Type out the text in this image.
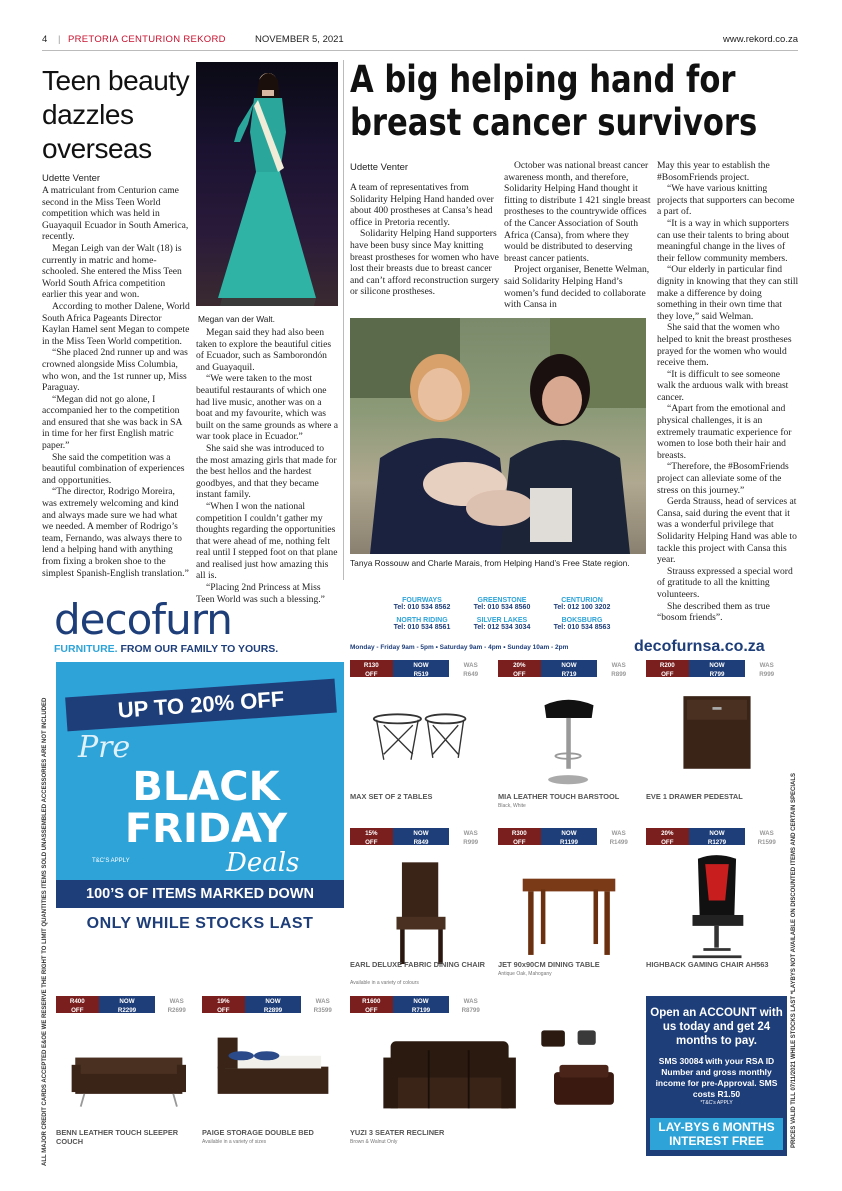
4 | PRETORIA CENTURION REKORD	NOVEMBER 5, 2021	www.rekord.co.za
Teen beauty dazzles overseas
Udette Venter

A matriculant from Centurion came second in the Miss Teen World competition which was held in Guayaquil Ecuador in South America, recently.

Megan Leigh van der Walt (18) is currently in matric and home-schooled. She entered the Miss Teen World South Africa competition earlier this year and won.

According to mother Dalene, World South Africa Pageants Director Kaylan Hamel sent Megan to compete in the Miss Teen World competition.

“She placed 2nd runner up and was crowned alongside Miss Columbia, who won, and the 1st runner up, Miss Paraguay.

“Megan did not go alone, I accompanied her to the competition and ensured that she was back in SA in time for her first English matric paper.”

She said the competition was a beautiful combination of experiences and opportunities.

“The director, Rodrigo Moreira, was extremely welcoming and kind and always made sure we had what we needed. A member of Rodrigo’s team, Fernando, was always there to lend a helping hand with anything from fixing a broken shoe to the simplest Spanish-English translation.”

Megan van der Walt.

Megan said they had also been taken to explore the beautiful cities of Ecuador, such as Samborondón and Guayaquil.

“We were taken to the most beautiful restaurants of which one had live music, another was on a boat and my favourite, which was built on the same grounds as where a war took place in Ecuador.”

She said she was introduced to the most amazing girls that made for the best hellos and the hardest goodbyes, and that they became instant family.

“When I won the national competition I couldn’t gather my thoughts regarding the opportunities that were ahead of me, nothing felt real until I stepped foot on that plane and realised just how amazing this all is.

“Placing 2nd Princess at Miss Teen World was such a blessing.”

A big helping hand for
breast cancer survivors
Udette Venter

A team of representatives from Solidarity Helping Hand handed over about 400 prostheses at Cansa’s head office in Pretoria recently.

Solidarity Helping Hand supporters have been busy since May knitting breast prostheses for women who have lost their breasts due to breast cancer and can’t afford reconstruction surgery or silicone prostheses.

October was national breast cancer awareness month, and therefore, Solidarity Helping Hand thought it fitting to distribute 1 421 single breast prostheses to the countrywide offices of the Cancer Association of South Africa (Cansa), from where they would be distributed to deserving breast cancer patients.

Project organiser, Benette Welman, said Solidarity Helping Hand’s women’s fund decided to collaborate with Cansa in

May this year to establish the #BosomFriends project.

“We have various knitting projects that supporters can become a part of.

“It is a way in which supporters can use their talents to bring about meaningful change in the lives of their fellow community members.

“Our elderly in particular find dignity in knowing that they can still make a difference by doing something in their own time that they love,” said Welman.

She said that the women who helped to knit the breast prostheses prayed for the women who would receive them.

“It is difficult to see someone walk the arduous walk with breast cancer.

“Apart from the emotional and physical challenges, it is an extremely traumatic experience for women to lose both their hair and breasts.

“Therefore, the #BosomFriends project can alleviate some of the stress on this journey.”

Gerda Strauss, head of services at Cansa, said during the event that it was a wonderful privilege that Solidarity Helping Hand was able to tackle this project with Cansa this year.

Strauss expressed a special word of gratitude to all the knitting volunteers.

She described them as true “bosom friends”.

Tanya Rossouw and Charle Marais, from Helping Hand’s Free State region.
decofurn
FURNITURE. FROM OUR FAMILY TO YOURS.
FOURWAYS
Tel: 010 534 8562
GREENSTONE
Tel: 010 534 8560
CENTURION
Tel: 012 100 3202
NORTH RIDING
Tel: 010 534 8561
SILVER LAKES
Tel: 012 534 3034
BOKSBURG
Tel: 010 534 8563
Monday - Friday 9am - 5pm • Saturday 9am - 4pm • Sunday 10am - 2pm	decofurnsa.co.za
UP TO 20% OFF
Pre
BLACK
FRIDAY
Deals
T&C’S APPLY
100’S OF ITEMS MARKED DOWN
ONLY WHILE STOCKS LAST
R130
OFF
NOW
R519
WAS
R649
MAX SET OF 2 TABLES
20%
OFF
NOW
R719
WAS
R899
MIA LEATHER TOUCH BARSTOOL
Black, White
R200
OFF
NOW
R799
WAS
R999
EVE 1 DRAWER PEDESTAL
15%
OFF
NOW
R849
WAS
R999
EARL DELUXE FABRIC DINING CHAIR
Available in a variety of colours
R300
OFF
NOW
R1199
WAS
R1499
JET 90x90CM DINING TABLE
Antique Oak, Mahogany
20%
OFF
NOW
R1279
WAS
R1599
HIGHBACK GAMING CHAIR AH563
R400
OFF
NOW
R2299
WAS
R2699
BENN LEATHER TOUCH SLEEPER COUCH
19%
OFF
NOW
R2899
WAS
R3599
PAIGE STORAGE DOUBLE BED
Available in a variety of sizes
R1600
OFF
NOW
R7199
WAS
R8799
YUZI 3 SEATER RECLINER
Brown & Walnut Only
Open an ACCOUNT with us today and get 24 months to pay.
SMS 30084 with your RSA ID Number and gross monthly income for pre-Approval. SMS costs R1.50
*T&C’s APPLY
LAY-BYS 6 MONTHS INTEREST FREE
ALL MAJOR CREDIT CARDS ACCEPTED E&OE WE RESERVE THE RIGHT TO LIMIT QUANTITIES ITEMS SOLD UNASSEMBLED ACCESSORIES ARE NOT INCLUDED	PRICES VALID TILL 07/11/2021 WHILE STOCKS LAST *LAYBYS NOT AVAILABLE ON DISCOUNTED ITEMS AND CERTAIN SPECIALS
